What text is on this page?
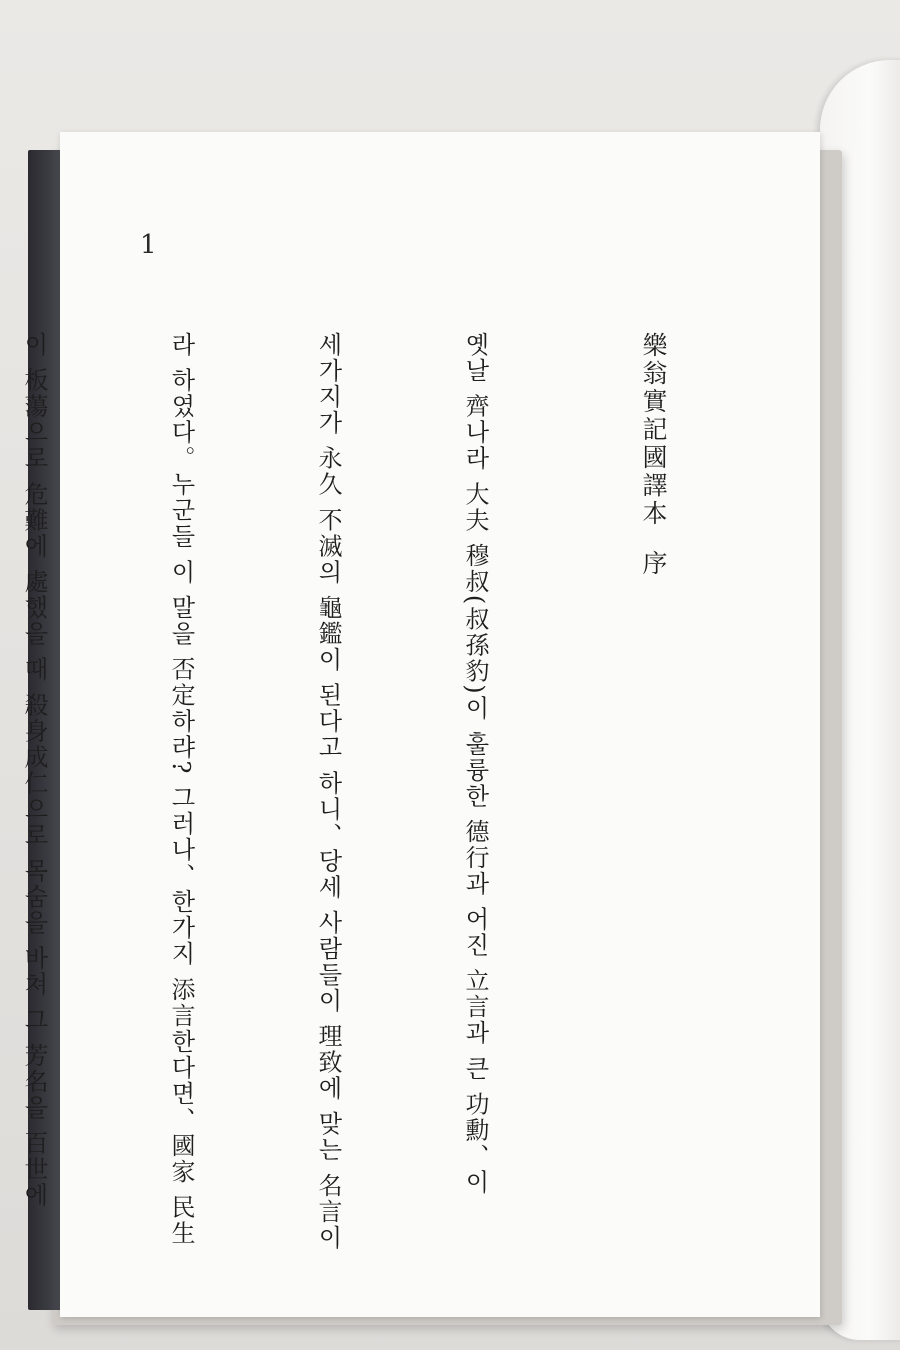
1

樂翁實記國譯本  序

옛날 齊나라 大夫 穆叔(叔孫豹)이 훌륭한 德行과 어진 立言과 큰 功勳、이

세가지가 永久 不滅의 龜鑑이 된다고 하니、당세 사람들이 理致에 맞는 名言이

라 하였다。누군들 이 말을 否定하랴? 그러나、한가지 添言한다면、國家 民生

이 板蕩으로 危難에 處했을 때 殺身成仁으로 목숨을 바쳐 그 芳名을 百世에
